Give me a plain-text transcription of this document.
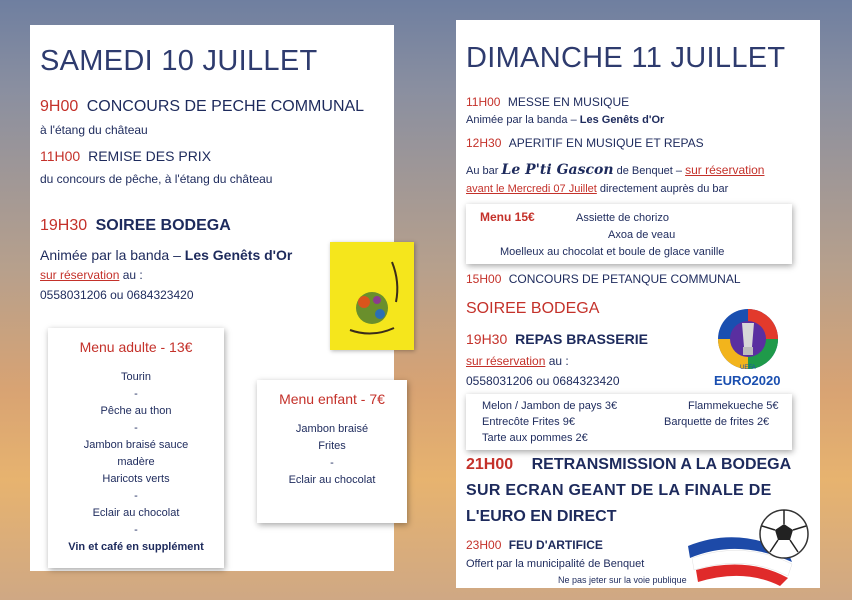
SAMEDI 10 JUILLET
9H00 CONCOURS DE PECHE COMMUNAL
à l'étang du château
11H00 REMISE DES PRIX
du concours de pêche, à l'étang du château
19H30 SOIREE BODEGA
Animée par la banda – Les Genêts d'Or
sur réservation au :
0558031206 ou 0684323420
Menu adulte - 13€
Tourin
-
Pêche au thon
-
Jambon braisé sauce
madère
Haricots verts
-
Eclair au chocolat
-
Vin et café en supplément
Menu enfant - 7€
Jambon braisé
Frites
-
Eclair au chocolat
DIMANCHE 11 JUILLET
11H00 MESSE EN MUSIQUE
Animée par la banda – Les Genêts d'Or
12H30 APERITIF EN MUSIQUE ET REPAS
Au bar Le P'ti Gascon de Benquet – sur réservation
avant le Mercredi 07 Juillet directement auprès du bar
Menu 15€	Assiette de chorizo
Axoa de veau
Moelleux au chocolat et boule de glace vanille
15H00 CONCOURS DE PETANQUE COMMUNAL
SOIREE BODEGA
19H30 REPAS BRASSERIE
sur réservation au :
0558031206 ou 0684323420
UEFA
EURO2020
Melon / Jambon de pays 3€	Flammekueche 5€
Entrecôte Frites 9€	Barquette de frites 2€
Tarte aux pommes 2€
21H00 RETRANSMISSION A LA BODEGA
SUR ECRAN GEANT DE LA FINALE DE
L'EURO EN DIRECT
23H00 FEU D'ARTIFICE
Offert par la municipalité de Benquet
Ne pas jeter sur la voie publique
